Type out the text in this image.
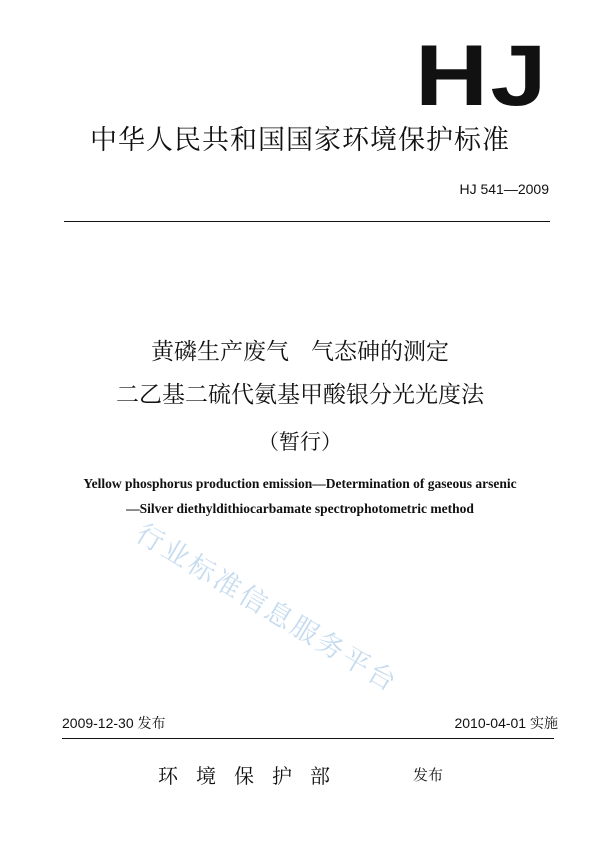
HJ
中华人民共和国国家环境保护标准
HJ 541—2009
黄磷生产废气 气态砷的测定
二乙基二硫代氨基甲酸银分光光度法
（暂行）
Yellow phosphorus production emission—Determination of gaseous arsenic
—Silver diethyldithiocarbamate spectrophotometric method
行业标准信息服务平台
2009-12-30 发布	2010-04-01 实施
环境保护部	发布
